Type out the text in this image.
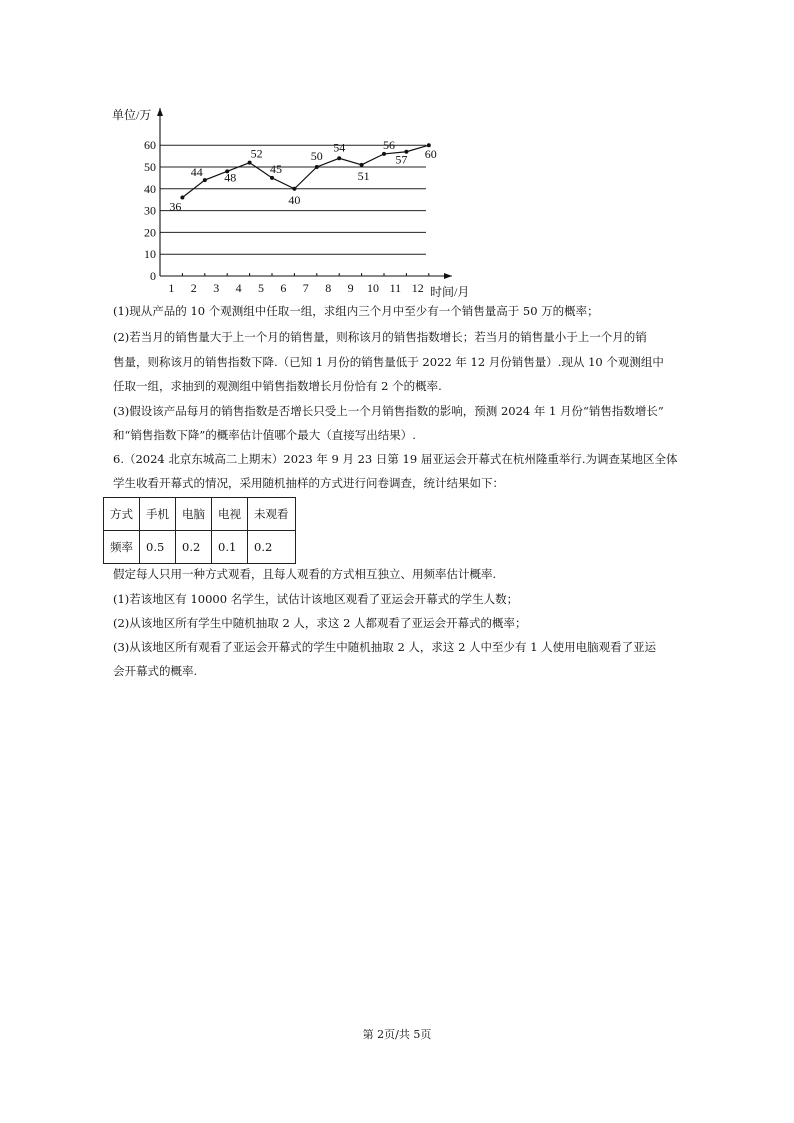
0
10
20
30
40
50
60
1 2 3 4 5 6 7 8 9 10 11 12
36
44 48
52
45
40
50
54
51
56
57 60
单位/万
时间/月
(1)现从产品的 10 个观测组中任取一组，求组内三个月中至少有一个销售量高于 50 万的概率；
(2)若当月的销售量大于上一个月的销售量，则称该月的销售指数增长；若当月的销售量小于上一个月的销
售量，则称该月的销售指数下降.（已知 1 月份的销售量低于 2022 年 12 月份销售量）.现从 10 个观测组中
任取一组，求抽到的观测组中销售指数增长月份恰有 2 个的概率.
(3)假设该产品每月的销售指数是否增长只受上一个月销售指数的影响，预测 2024 年 1 月份“销售指数增长”
和“销售指数下降”的概率估计值哪个最大（直接写出结果）.
6.（2024 北京东城高二上期末）2023 年 9 月 23 日第 19 届亚运会开幕式在杭州隆重举行.为调查某地区全体
学生收看开幕式的情况，采用随机抽样的方式进行问卷调查，统计结果如下：
方式	手机	电脑	电视	未观看
频率	0.5	0.2	0.1	0.2
假定每人只用一种方式观看，且每人观看的方式相互独立、用频率估计概率.
(1)若该地区有 10000 名学生，试估计该地区观看了亚运会开幕式的学生人数；
(2)从该地区所有学生中随机抽取 2 人，求这 2 人都观看了亚运会开幕式的概率；
(3)从该地区所有观看了亚运会开幕式的学生中随机抽取 2 人，求这 2 人中至少有 1 人使用电脑观看了亚运
会开幕式的概率.
第 2页/共 5页
